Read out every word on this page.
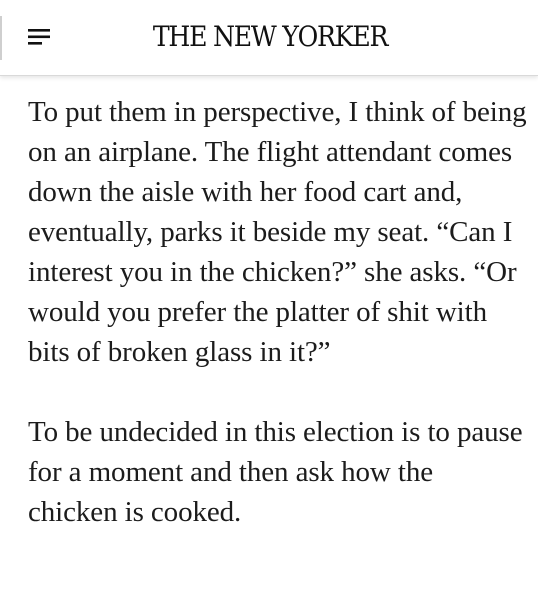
THE NEW YORKER

To put them in perspective, I think of being on an airplane. The flight attendant comes down the aisle with her food cart and, eventually, parks it beside my seat. “Can I interest you in the chicken?” she asks. “Or would you prefer the platter of shit with bits of broken glass in it?”

To be undecided in this election is to pause for a moment and then ask how the chicken is cooked.
